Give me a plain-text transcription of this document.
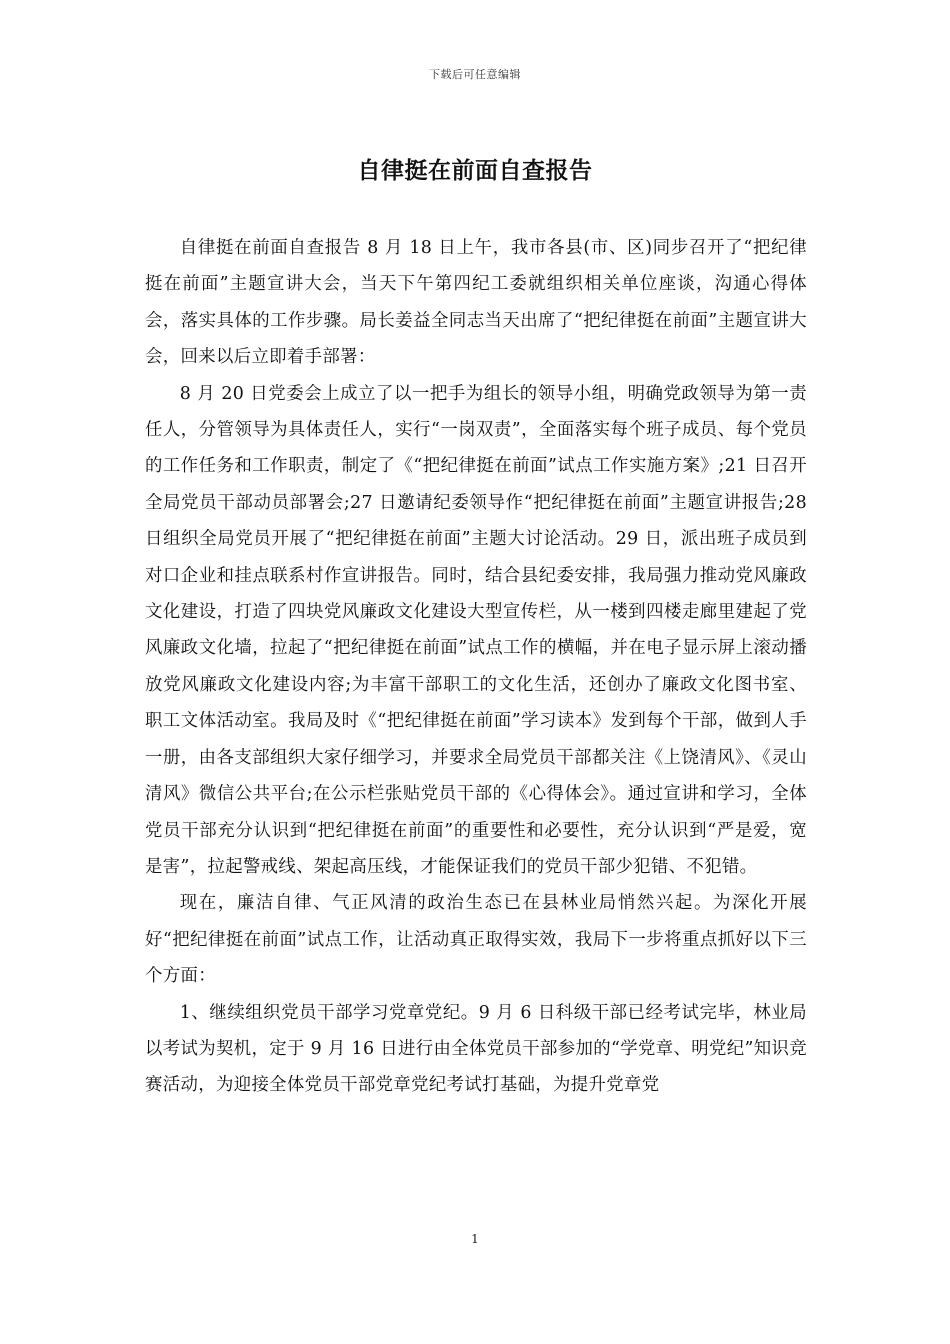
下载后可任意编辑
自律挺在前面自查报告

自律挺在前面自查报告 8 月 18 日上午，我市各县(市、区)同步召开了“把纪律挺在前面”主题宣讲大会，当天下午第四纪工委就组织相关单位座谈，沟通心得体会，落实具体的工作步骤。局长姜益全同志当天出席了“把纪律挺在前面”主题宣讲大会，回来以后立即着手部署：

8 月 20 日党委会上成立了以一把手为组长的领导小组，明确党政领导为第一责任人，分管领导为具体责任人，实行“一岗双责”，全面落实每个班子成员、每个党员的工作任务和工作职责，制定了《“把纪律挺在前面”试点工作实施方案》;21 日召开全局党员干部动员部署会;27 日邀请纪委领导作“把纪律挺在前面”主题宣讲报告;28 日组织全局党员开展了“把纪律挺在前面”主题大讨论活动。29 日，派出班子成员到对口企业和挂点联系村作宣讲报告。同时，结合县纪委安排，我局强力推动党风廉政文化建设，打造了四块党风廉政文化建设大型宣传栏，从一楼到四楼走廊里建起了党风廉政文化墙，拉起了“把纪律挺在前面”试点工作的横幅，并在电子显示屏上滚动播放党风廉政文化建设内容;为丰富干部职工的文化生活，还创办了廉政文化图书室、职工文体活动室。我局及时《“把纪律挺在前面”学习读本》发到每个干部，做到人手一册，由各支部组织大家仔细学习，并要求全局党员干部都关注《上饶清风》、《灵山清风》微信公共平台;在公示栏张贴党员干部的《心得体会》。通过宣讲和学习，全体党员干部充分认识到“把纪律挺在前面”的重要性和必要性，充分认识到“严是爱，宽是害”，拉起警戒线、架起高压线，才能保证我们的党员干部少犯错、不犯错。

现在，廉洁自律、气正风清的政治生态已在县林业局悄然兴起。为深化开展好“把纪律挺在前面”试点工作，让活动真正取得实效，我局下一步将重点抓好以下三个方面：

1、继续组织党员干部学习党章党纪。9 月 6 日科级干部已经考试完毕，林业局以考试为契机，定于 9 月 16 日进行由全体党员干部参加的“学党章、明党纪”知识竞赛活动，为迎接全体党员干部党章党纪考试打基础，为提升党章党

1
